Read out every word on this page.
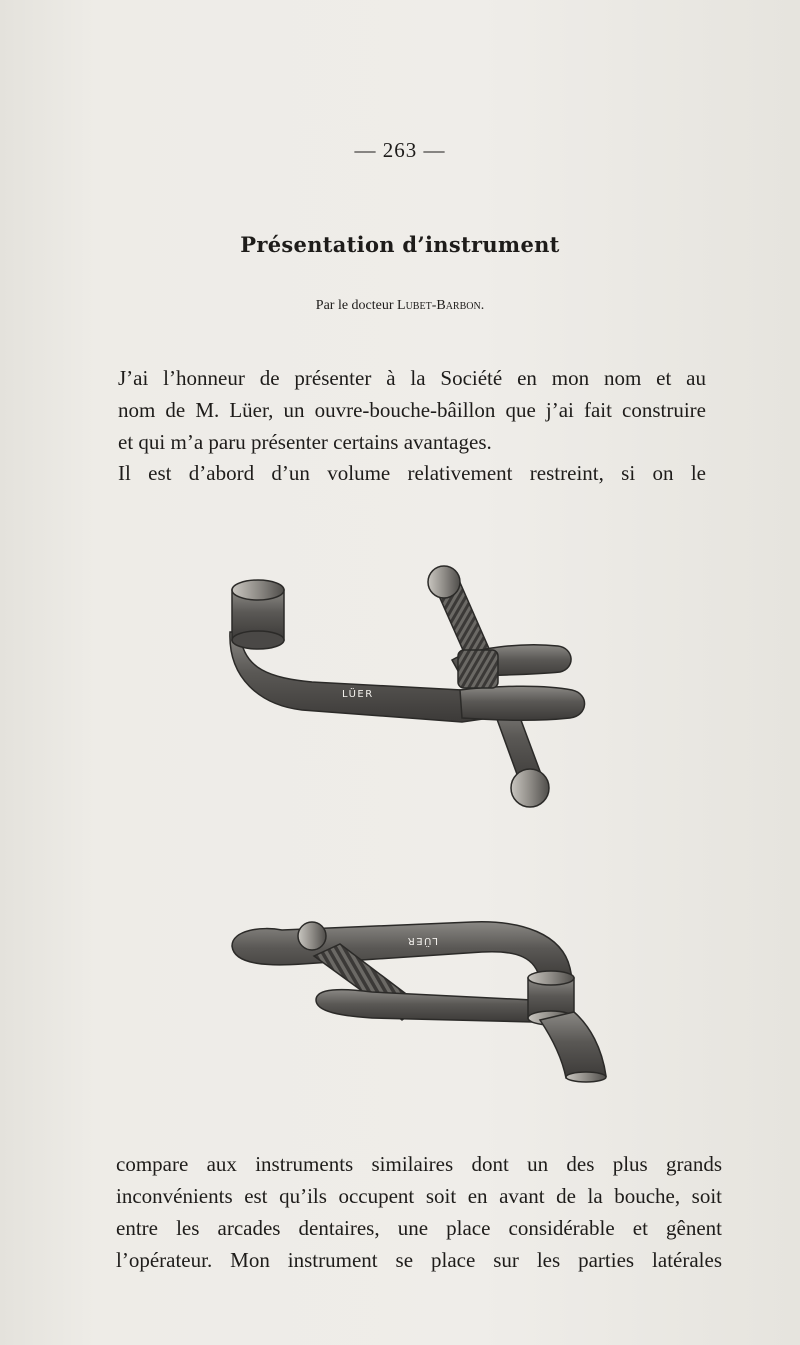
— 263 —
Présentation d’instrument
Par le docteur Lubet-Barbon.
J’ai l’honneur de présenter à la Société en mon nom et au
nom de M. Lüer, un ouvre-bouche-bâillon que j’ai fait construire
et qui m’a paru présenter certains avantages.
Il est d’abord d’un volume relativement restreint, si on le
LÜER
LÜER
compare aux instruments similaires dont un des plus grands
inconvénients est qu’ils occupent soit en avant de la bouche, soit
entre les arcades dentaires, une place considérable et gênent
l’opérateur. Mon instrument se place sur les parties latérales
